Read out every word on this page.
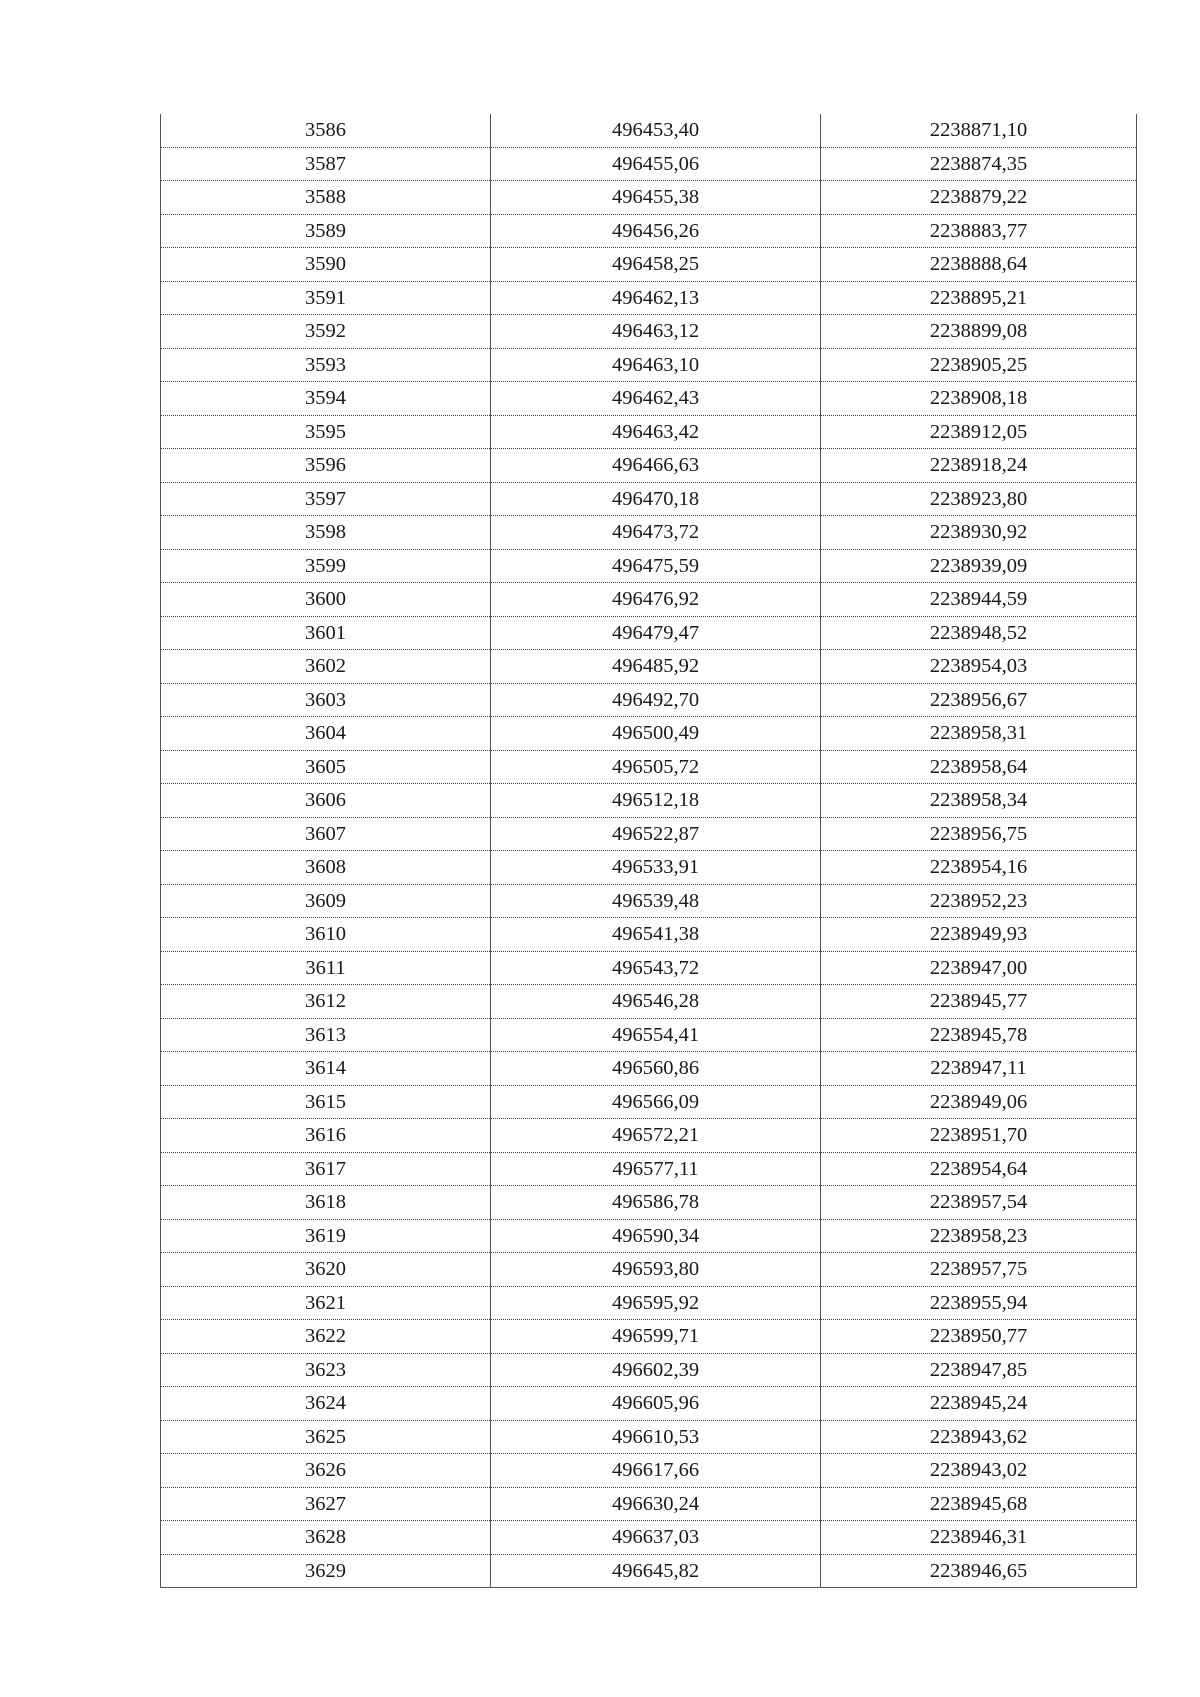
3586	496453,40	2238871,10
3587	496455,06	2238874,35
3588	496455,38	2238879,22
3589	496456,26	2238883,77
3590	496458,25	2238888,64
3591	496462,13	2238895,21
3592	496463,12	2238899,08
3593	496463,10	2238905,25
3594	496462,43	2238908,18
3595	496463,42	2238912,05
3596	496466,63	2238918,24
3597	496470,18	2238923,80
3598	496473,72	2238930,92
3599	496475,59	2238939,09
3600	496476,92	2238944,59
3601	496479,47	2238948,52
3602	496485,92	2238954,03
3603	496492,70	2238956,67
3604	496500,49	2238958,31
3605	496505,72	2238958,64
3606	496512,18	2238958,34
3607	496522,87	2238956,75
3608	496533,91	2238954,16
3609	496539,48	2238952,23
3610	496541,38	2238949,93
3611	496543,72	2238947,00
3612	496546,28	2238945,77
3613	496554,41	2238945,78
3614	496560,86	2238947,11
3615	496566,09	2238949,06
3616	496572,21	2238951,70
3617	496577,11	2238954,64
3618	496586,78	2238957,54
3619	496590,34	2238958,23
3620	496593,80	2238957,75
3621	496595,92	2238955,94
3622	496599,71	2238950,77
3623	496602,39	2238947,85
3624	496605,96	2238945,24
3625	496610,53	2238943,62
3626	496617,66	2238943,02
3627	496630,24	2238945,68
3628	496637,03	2238946,31
3629	496645,82	2238946,65
